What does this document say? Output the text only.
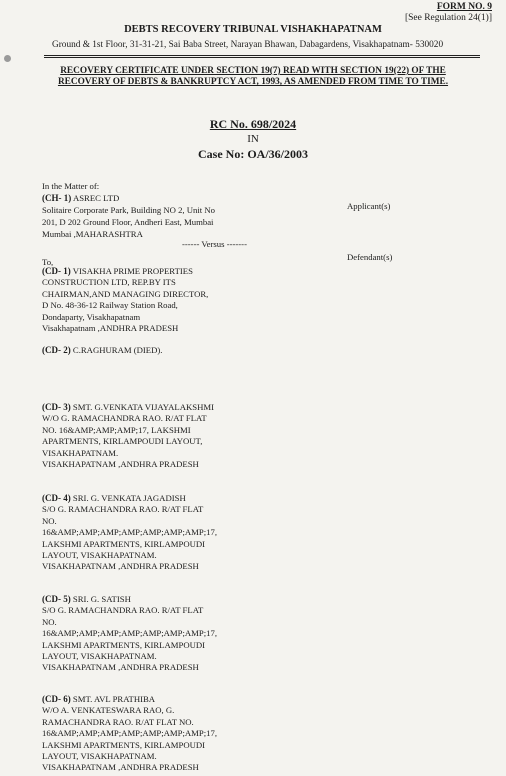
FORM NO. 9
[See Regulation 24(1)]
DEBTS RECOVERY TRIBUNAL VISHAKHAPATNAM
Ground & 1st Floor, 31-31-21, Sai Baba Street, Narayan Bhawan, Dabagardens, Visakhapatnam- 530020
RECOVERY CERTIFICATE UNDER SECTION 19(7) READ WITH SECTION 19(22) OF THE
RECOVERY OF DEBTS & BANKRUPTCY ACT, 1993, AS AMENDED FROM TIME TO TIME.
RC No. 698/2024
IN
Case No: OA/36/2003
In the Matter of:
(CH- 1) ASREC LTD
Solitaire Corporate Park, Building NO 2, Unit No
201, D 202 Ground Floor, Andheri East, Mumbai
Mumbai ,MAHARASHTRA
Applicant(s)
------ Versus -------
Defendant(s)
To,
(CD- 1) VISAKHA PRIME PROPERTIES
CONSTRUCTION LTD, REP.BY ITS
CHAIRMAN,AND MANAGING DIRECTOR,
D No. 48-36-12 Railway Station Road,
Dondaparty, Visakhapatnam
Visakhapatnam ,ANDHRA PRADESH
(CD- 2) C.RAGHURAM (DIED).
(CD- 3) SMT. G.VENKATA VIJAYALAKSHMI
W/O G. RAMACHANDRA RAO. R/AT FLAT
NO. 16&AMP;AMP;AMP;17, LAKSHMI
APARTMENTS, KIRLAMPOUDI LAYOUT,
VISAKHAPATNAM.
VISAKHAPATNAM ,ANDHRA PRADESH
(CD- 4) SRI. G. VENKATA JAGADISH
S/O G. RAMACHANDRA RAO. R/AT FLAT
NO.
16&AMP;AMP;AMP;AMP;AMP;AMP;AMP;17,
LAKSHMI APARTMENTS, KIRLAMPOUDI
LAYOUT, VISAKHAPATNAM.
VISAKHAPATNAM ,ANDHRA PRADESH
(CD- 5) SRI. G. SATISH
S/O G. RAMACHANDRA RAO. R/AT FLAT
NO.
16&AMP;AMP;AMP;AMP;AMP;AMP;AMP;17,
LAKSHMI APARTMENTS, KIRLAMPOUDI
LAYOUT, VISAKHAPATNAM.
VISAKHAPATNAM ,ANDHRA PRADESH
(CD- 6) SMT. AVL PRATHIBA
W/O A. VENKATESWARA RAO, G.
RAMACHANDRA RAO. R/AT FLAT NO.
16&AMP;AMP;AMP;AMP;AMP;AMP;AMP;17,
LAKSHMI APARTMENTS, KIRLAMPOUDI
LAYOUT, VISAKHAPATNAM.
VISAKHAPATNAM ,ANDHRA PRADESH
